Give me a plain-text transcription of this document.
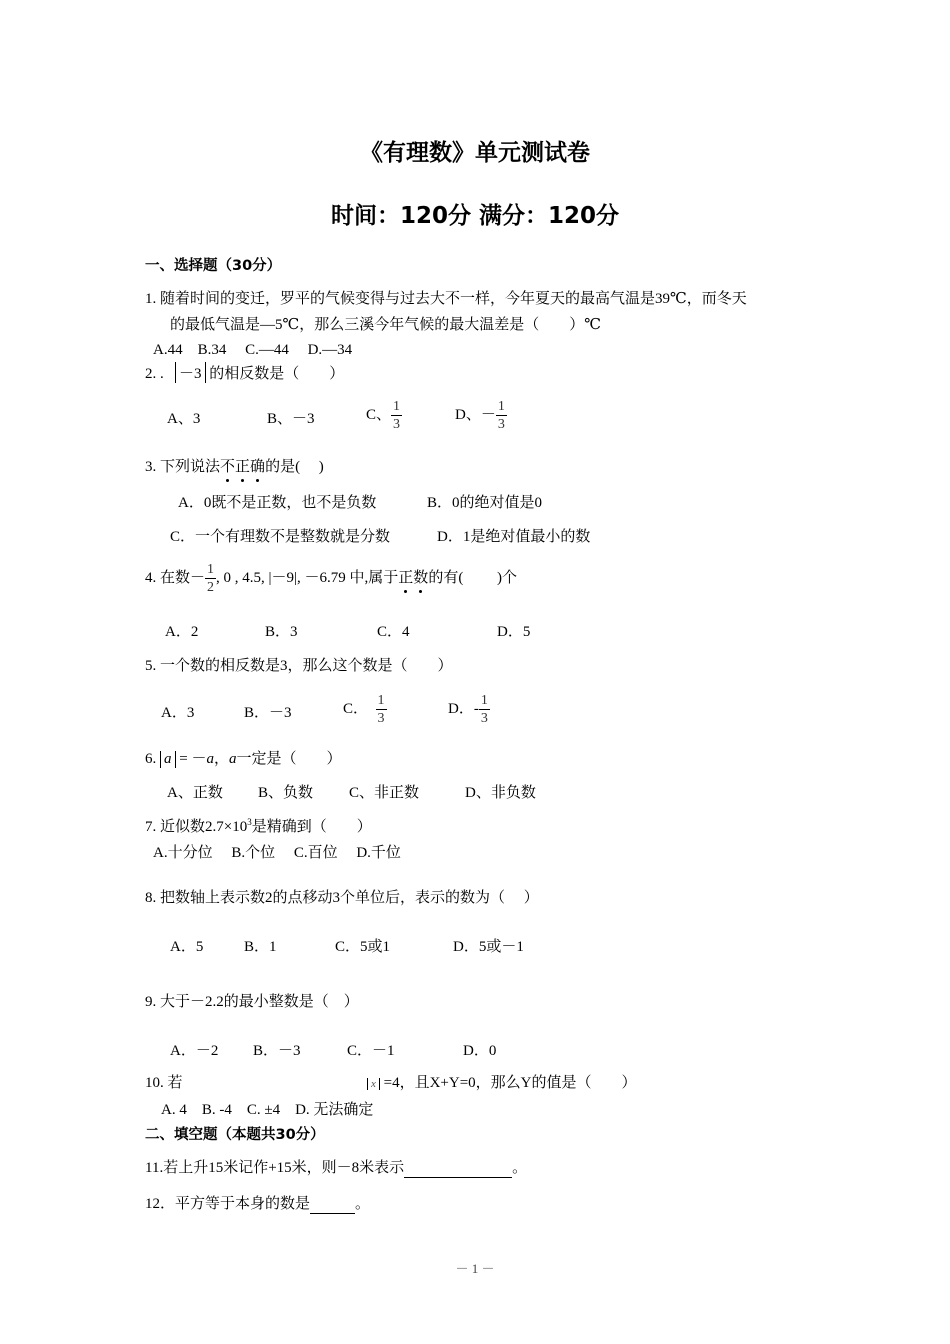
《有理数》单元测试卷
时间：120分 满分：120分
一、选择题（30分）
1. 随着时间的变迁，罗平的气候变得与过去大不一样，今年夏天的最高气温是39℃，而冬天
的最低气温是—5℃，那么三溪今年气候的最大温差是（　　）℃
A.44　B.34　 C.—44　 D.—34
2. . －3 的相反数是（　　）
A、3	B、－3	C、 $\frac{1}{3}$	D、－ $\frac{1}{3}$
3. 下列说法不正确的是(　 )
A．0既不是正数，也不是负数	B．0的绝对值是0
C．一个有理数不是整数就是分数	D．1是绝对值最小的数
4. 在数－ $\frac{1}{2}$ , 0 , 4.5, |－9|, －6.79 中,属于正数的有(　　 )个
A．2	B．3	C．4	D．5
5. 一个数的相反数是3，那么这个数是（　　）
A．3	B．－3	C． $\frac{1}{3}$	D．- $\frac{1}{3}$
6. a = －a，a一定是（　　）
A、正数 B、负数 C、非正数	D、非负数
7. 近似数$2.7\times 10^3$是精确到（　　）
A.十分位　 B.个位　 C.百位　 D.千位
8. 把数轴上表示数2的点移动3个单位后，表示的数为（　 ）
A．5	B．1	C．5或1	D．5或－1
9. 大于－2.2的最小整数是（　）
A．－2 B．－3	C．－1	D．0
10. 若	x =4，且X+Y=0，那么Y的值是（　　）
A. 4　B. -4　C. ±4　D. 无法确定
二、填空题（本题共30分）
11.若上升15米记作+15米，则－8米表示	。
12．平方等于本身的数是	。
－ 1 －
